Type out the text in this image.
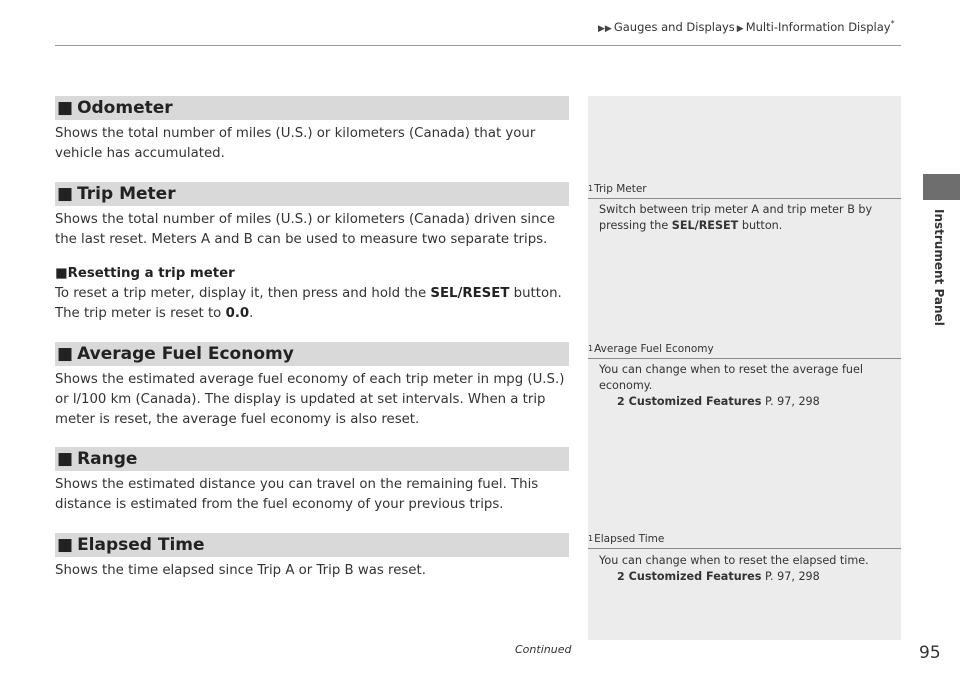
▶▶ Gauges and Displays ▶ Multi-Information Display*
■ Odometer
Shows the total number of miles (U.S.) or kilometers (Canada) that your vehicle has accumulated.
■ Trip Meter
Shows the total number of miles (U.S.) or kilometers (Canada) driven since the last reset. Meters A and B can be used to measure two separate trips.
■Resetting a trip meter
To reset a trip meter, display it, then press and hold the SEL/RESET button. The trip meter is reset to 0.0.
■ Average Fuel Economy
Shows the estimated average fuel economy of each trip meter in mpg (U.S.) or l/100 km (Canada). The display is updated at set intervals. When a trip meter is reset, the average fuel economy is also reset.
■ Range
Shows the estimated distance you can travel on the remaining fuel. This distance is estimated from the fuel economy of your previous trips.
■ Elapsed Time
Shows the time elapsed since Trip A or Trip B was reset.
1Trip Meter
Switch between trip meter A and trip meter B by pressing the SEL/RESET button.
1Average Fuel Economy
You can change when to reset the average fuel economy.
2 Customized Features P. 97, 298
1Elapsed Time
You can change when to reset the elapsed time.
2 Customized Features P. 97, 298
Instrument Panel
Continued	95
